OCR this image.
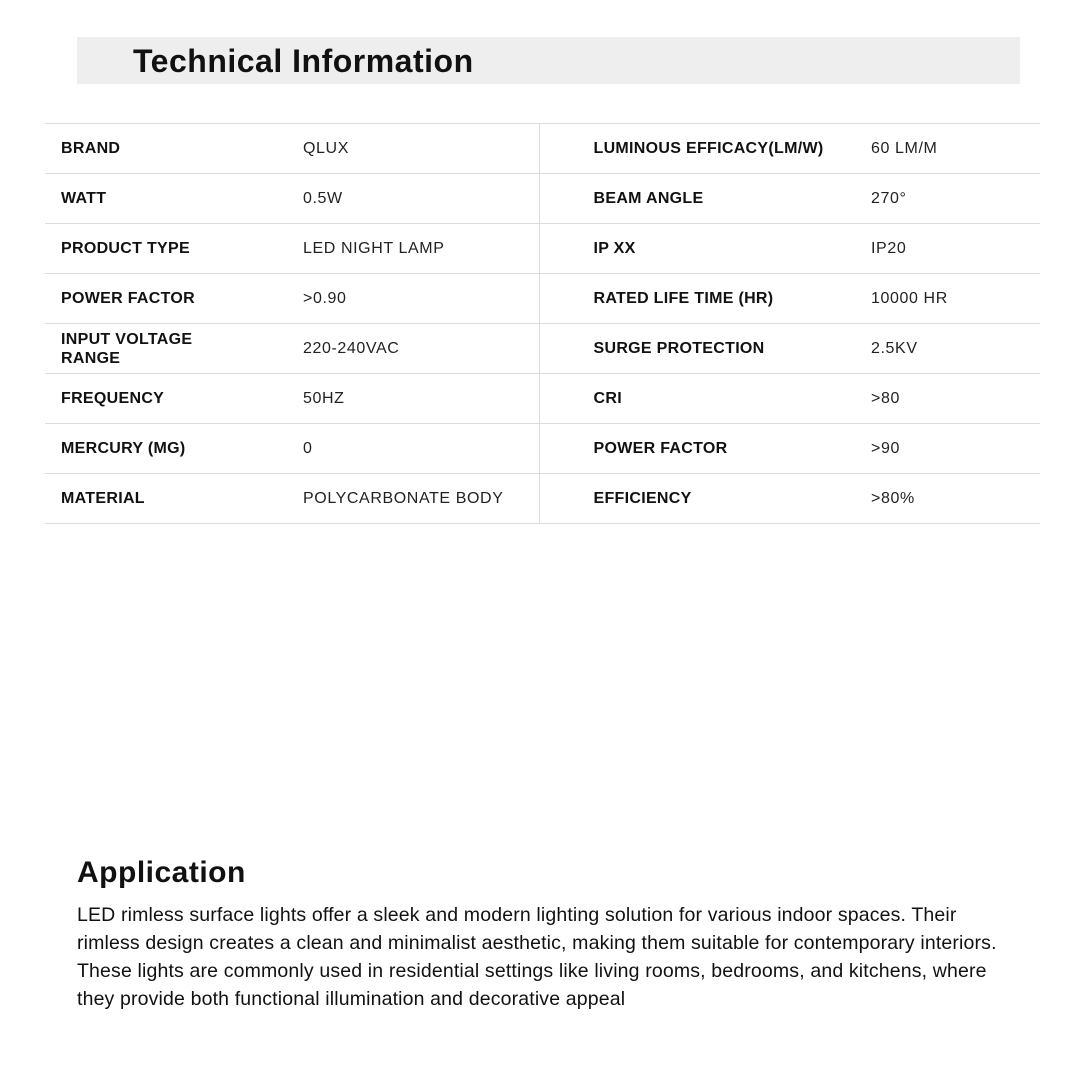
Technical Information
BRAND	QLUX	LUMINOUS EFFICACY(LM/W)	60 LM/M
WATT	0.5W	BEAM ANGLE	270°
PRODUCT TYPE	LED NIGHT LAMP	IP XX	IP20
POWER FACTOR	>0.90	RATED LIFE TIME (HR)	10000 HR
INPUT VOLTAGE RANGE	220-240VAC	SURGE PROTECTION	2.5KV
FREQUENCY	50HZ	CRI	>80
MERCURY (MG)	0	POWER FACTOR	>90
MATERIAL	POLYCARBONATE BODY	EFFICIENCY	>80%
Application
LED rimless surface lights offer a sleek and modern lighting solution for various indoor spaces. Their rimless design creates a clean and minimalist aesthetic, making them suitable for contemporary interiors. These lights are commonly used in residential settings like living rooms, bedrooms, and kitchens, where they provide both functional illumination and decorative appeal
